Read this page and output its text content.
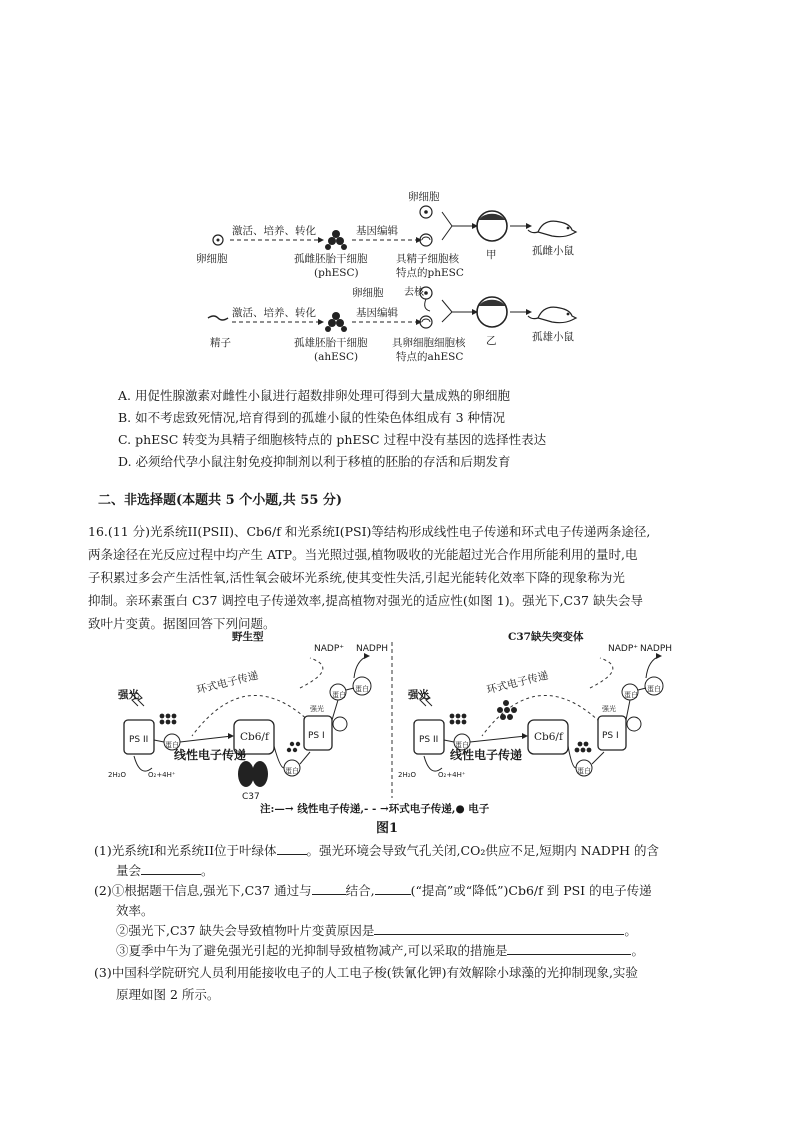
卵细胞
激活、培养、转化
孤雌胚胎干细胞
(phESC)
基因编辑
卵细胞
具精子细胞核
特点的phESC
甲	孤雌小鼠
精子
激活、培养、转化
孤雄胚胎干细胞
(ahESC)
基因编辑
卵细胞 去核
具卵细胞细胞核
特点的ahESC
乙	孤雄小鼠
A. 用促性腺激素对雌性小鼠进行超数排卵处理可得到大量成熟的卵细胞
B. 如不考虑致死情况,培育得到的孤雄小鼠的性染色体组成有 3 种情况
C. phESC 转变为具精子细胞核特点的 phESC 过程中没有基因的选择性表达
D. 必须给代孕小鼠注射免疫抑制剂以利于移植的胚胎的存活和后期发育
二、非选择题(本题共 5 个小题,共 55 分)
16.(11 分)光系统II(PSII)、Cb6/f 和光系统I(PSI)等结构形成线性电子传递和环式电子传递两条途径,
两条途径在光反应过程中均产生 ATP。当光照过强,植物吸收的光能超过光合作用所能利用的量时,电
子积累过多会产生活性氧,活性氧会破坏光系统,使其变性失活,引起光能转化效率下降的现象称为光
抑制。亲环素蛋白 C37 调控电子传递效率,提高植物对强光的适应性(如图 1)。强光下,C37 缺失会导
致叶片变黄。据图回答下列问题。
野生型
环式电子传递
线性电子传递
强光
PS II	PS I
Cb6/f
C37
NADP⁺ NADPH
蛋白
蛋白
蛋白
蛋白
强光
2H₂O	O₂+4H⁺
C37缺失突变体
环式电子传递
线性电子传递
强光
PS II	PS I
Cb6/f
NADP⁺ NADPH
蛋白
蛋白
蛋白
蛋白
强光
2H₂O	O₂+4H⁺
注:—→ 线性电子传递,- - →环式电子传递,● 电子
图1
(1)光系统I和光系统II位于叶绿体 。强光环境会导致气孔关闭,CO₂供应不足,短期内 NADPH 的含
量会	。
(2)①根据题干信息,强光下,C37 通过与	结合,	(“提高”或“降低”)Cb6/f 到 PSI 的电子传递
效率。
②强光下,C37 缺失会导致植物叶片变黄原因是	。
③夏季中午为了避免强光引起的光抑制导致植物减产,可以采取的措施是	。
(3)中国科学院研究人员利用能接收电子的人工电子梭(铁氰化钾)有效解除小球藻的光抑制现象,实验
原理如图 2 所示。
